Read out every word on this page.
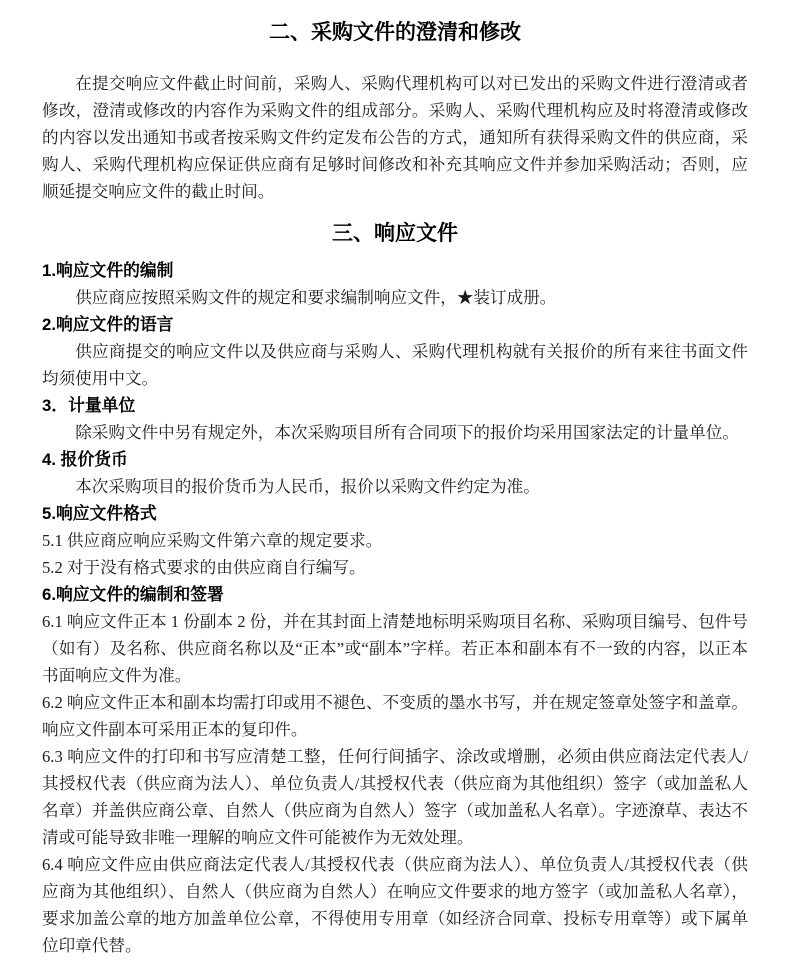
二、采购文件的澄清和修改

在提交响应文件截止时间前，采购人、采购代理机构可以对已发出的采购文件进行澄清或者修改，澄清或修改的内容作为采购文件的组成部分。采购人、采购代理机构应及时将澄清或修改的内容以发出通知书或者按采购文件约定发布公告的方式，通知所有获得采购文件的供应商，采购人、采购代理机构应保证供应商有足够时间修改和补充其响应文件并参加采购活动；否则，应顺延提交响应文件的截止时间。

三、响应文件
1.响应文件的编制

供应商应按照采购文件的规定和要求编制响应文件，★装订成册。

2.响应文件的语言

供应商提交的响应文件以及供应商与采购人、采购代理机构就有关报价的所有来往书面文件均须使用中文。

3．计量单位

除采购文件中另有规定外，本次采购项目所有合同项下的报价均采用国家法定的计量单位。

4. 报价货币

本次采购项目的报价货币为人民币，报价以采购文件约定为准。

5.响应文件格式

5.1 供应商应响应采购文件第六章的规定要求。

5.2 对于没有格式要求的由供应商自行编写。

6.响应文件的编制和签署

6.1 响应文件正本 1 份副本 2 份，并在其封面上清楚地标明采购项目名称、采购项目编号、包件号（如有）及名称、供应商名称以及“正本”或“副本”字样。若正本和副本有不一致的内容，以正本书面响应文件为准。

6.2 响应文件正本和副本均需打印或用不褪色、不变质的墨水书写，并在规定签章处签字和盖章。响应文件副本可采用正本的复印件。

6.3 响应文件的打印和书写应清楚工整，任何行间插字、涂改或增删，必须由供应商法定代表人/其授权代表（供应商为法人）、单位负责人/其授权代表（供应商为其他组织）签字（或加盖私人名章）并盖供应商公章、自然人（供应商为自然人）签字（或加盖私人名章）。字迹潦草、表达不清或可能导致非唯一理解的响应文件可能被作为无效处理。

6.4 响应文件应由供应商法定代表人/其授权代表（供应商为法人）、单位负责人/其授权代表（供应商为其他组织）、自然人（供应商为自然人）在响应文件要求的地方签字（或加盖私人名章），要求加盖公章的地方加盖单位公章，不得使用专用章（如经济合同章、投标专用章等）或下属单位印章代替。
